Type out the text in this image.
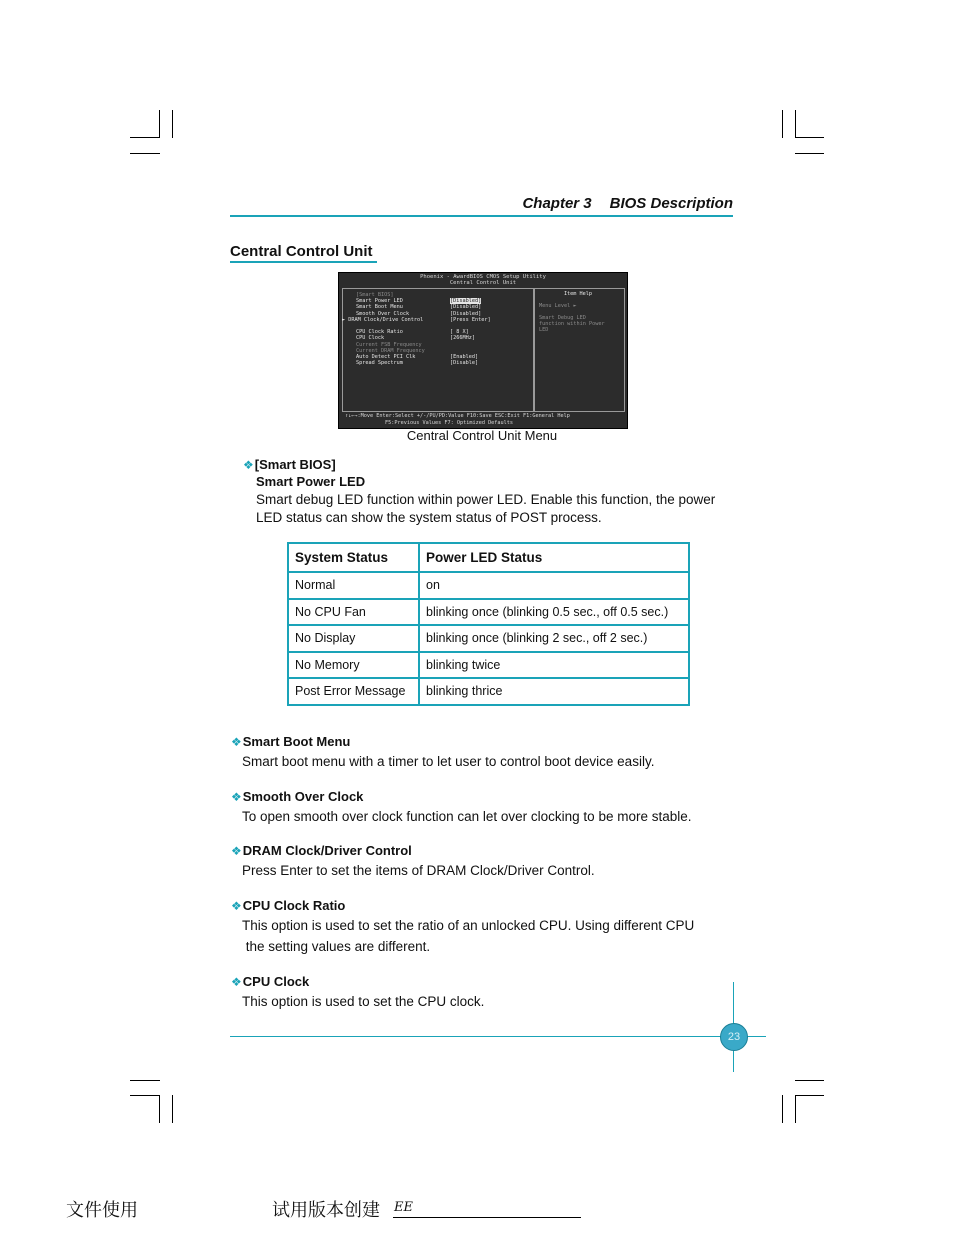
Chapter 3 BIOS Description
Central Control Unit
Phoenix - AwardBIOS CMOS Setup Utility
Central Control Unit
[Smart BIOS]
Smart Power LED	[Disabled]
Smart Boot Menu	[Disabled]
Smooth Over Clock	[Disabled]
► DRAM Clock/Drive Control	[Press Enter]
CPU Clock Ratio	[ 8 X]
CPU Clock	[266MHz]
Current FSB Frequency
Current DRAM Frequency
Auto Detect PCI Clk	[Enabled]
Spread Spectrum	[Disable]
Item Help
Menu Level ►
Smart Debug LED
function within Power
LED
↑↓←→:Move Enter:Select +/-/PU/PD:Value F10:Save ESC:Exit F1:General Help
F5:Previous Values F7: Optimized Defaults
Central Control Unit Menu
❖[Smart BIOS]
Smart Power LED
Smart debug LED function within power LED. Enable this function, the power
LED status can show the system status of POST process.
System Status	Power LED Status
Normal	on
No CPU Fan	blinking once (blinking 0.5 sec., off 0.5 sec.)
No Display	blinking once (blinking 2 sec., off 2 sec.)
No Memory	blinking twice
Post Error Message	blinking thrice
❖Smart Boot Menu
Smart boot menu with a timer to let user to control boot device easily.
❖Smooth Over Clock
To open smooth over clock function can let over clocking to be more stable.
❖DRAM Clock/Driver Control
Press Enter to set the items of DRAM Clock/Driver Control.
❖CPU Clock Ratio
This option is used to set the ratio of an unlocked CPU. Using different CPU
the setting values are different.
❖CPU Clock
This option is used to set the CPU clock.
23
文件使用	试用版本创建 EE
